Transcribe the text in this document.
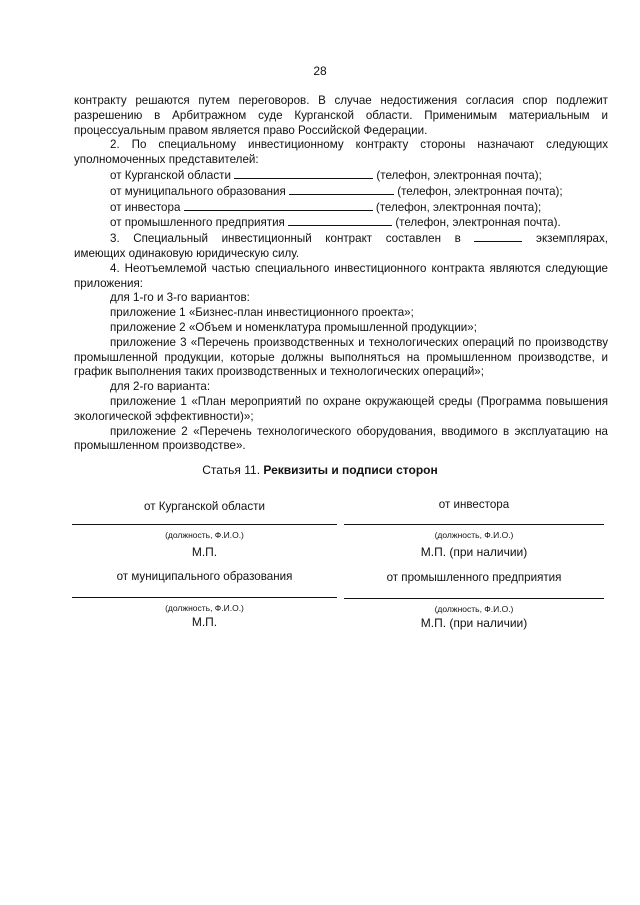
28

контракту решаются путем переговоров. В случае недостижения согласия спор подлежит разрешению в Арбитражном суде Курганской области. Применимым материальным и процессуальным правом является право Российской Федерации.

2. По специальному инвестиционному контракту стороны назначают следующих уполномоченных представителей:

от Курганской области	(телефон, электронная почта);

от муниципального образования	(телефон, электронная почта);

от инвестора	(телефон, электронная почта);

от промышленного предприятия	(телефон, электронная почта).

3. Специальный инвестиционный контракт составлен в	экземплярах,

имеющих одинаковую юридическую силу.

4. Неотъемлемой частью специального инвестиционного контракта являются следующие приложения:

для 1-го и 3-го вариантов:

приложение 1 «Бизнес-план инвестиционного проекта»;

приложение 2 «Объем и номенклатура промышленной продукции»;

приложение 3 «Перечень производственных и технологических операций по производству промышленной продукции, которые должны выполняться на промышленном производстве, и график выполнения таких производственных и технологических операций»;

для 2-го варианта:

приложение 1 «План мероприятий по охране окружающей среды (Программа повышения экологической эффективности)»;

приложение 2 «Перечень технологического оборудования, вводимого в эксплуатацию на промышленном производстве».

Статья 11. Реквизиты и подписи сторон
от Курганской области
(должность, Ф.И.О.)
М.П.
от инвестора
(должность, Ф.И.О.)
М.П. (при наличии)
от муниципального образования
(должность, Ф.И.О.)
М.П.
от промышленного предприятия
(должность, Ф.И.О.)
М.П. (при наличии)
